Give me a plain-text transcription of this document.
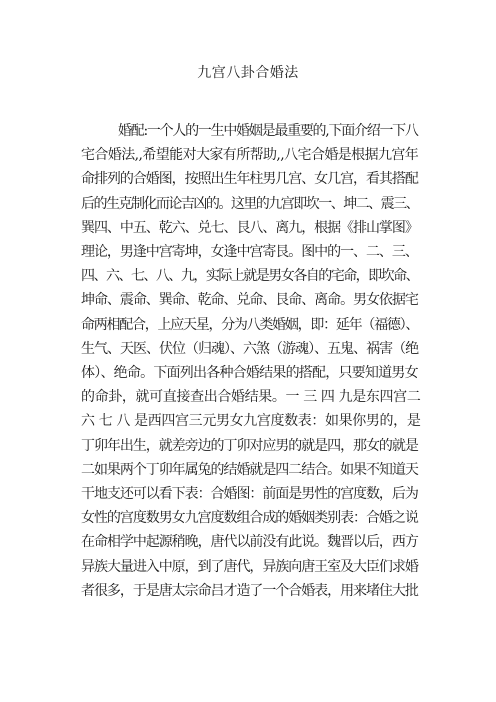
九宫八卦合婚法
婚配:一个人的一生中婚姻是最重要的,下面介绍一下八
宅合婚法,,希望能对大家有所帮助,,八宅合婚是根据九宫年
命排列的合婚图，按照出生年柱男几宫、女几宫，看其搭配
后的生克制化而论吉凶的。这里的九宫即坎一、坤二、震三、
巽四、中五、乾六、兑七、艮八、离九，根据《排山掌图》
理论，男逢中宫寄坤，女逢中宫寄艮。图中的一、二、三、
四、六、七、八、九，实际上就是男女各自的宅命，即坎命、
坤命、震命、巽命、乾命、兑命、艮命、离命。男女依据宅
命两相配合，上应天星，分为八类婚姻，即：延年（福德）、
生气、天医、伏位（归魂）、六煞（游魂）、五鬼、祸害（绝
体）、绝命。下面列出各种合婚结果的搭配，只要知道男女
的命卦，就可直接查出合婚结果。一 三 四 九是东四宫二
六 七 八 是西四宫三元男女九宫度数表：如果你男的，是
丁卯年出生，就差旁边的丁卯对应男的就是四，那女的就是
二如果两个丁卯年属兔的结婚就是四二结合。如果不知道天
干地支还可以看下表：合婚图：前面是男性的宫度数，后为
女性的宫度数男女九宫度数组合成的婚姻类别表：合婚之说
在命相学中起源稍晚，唐代以前没有此说。魏晋以后，西方
异族大量进入中原，到了唐代，异族向唐王室及大臣们求婚
者很多，于是唐太宗命吕才造了一个合婚表，用来堵住大批
